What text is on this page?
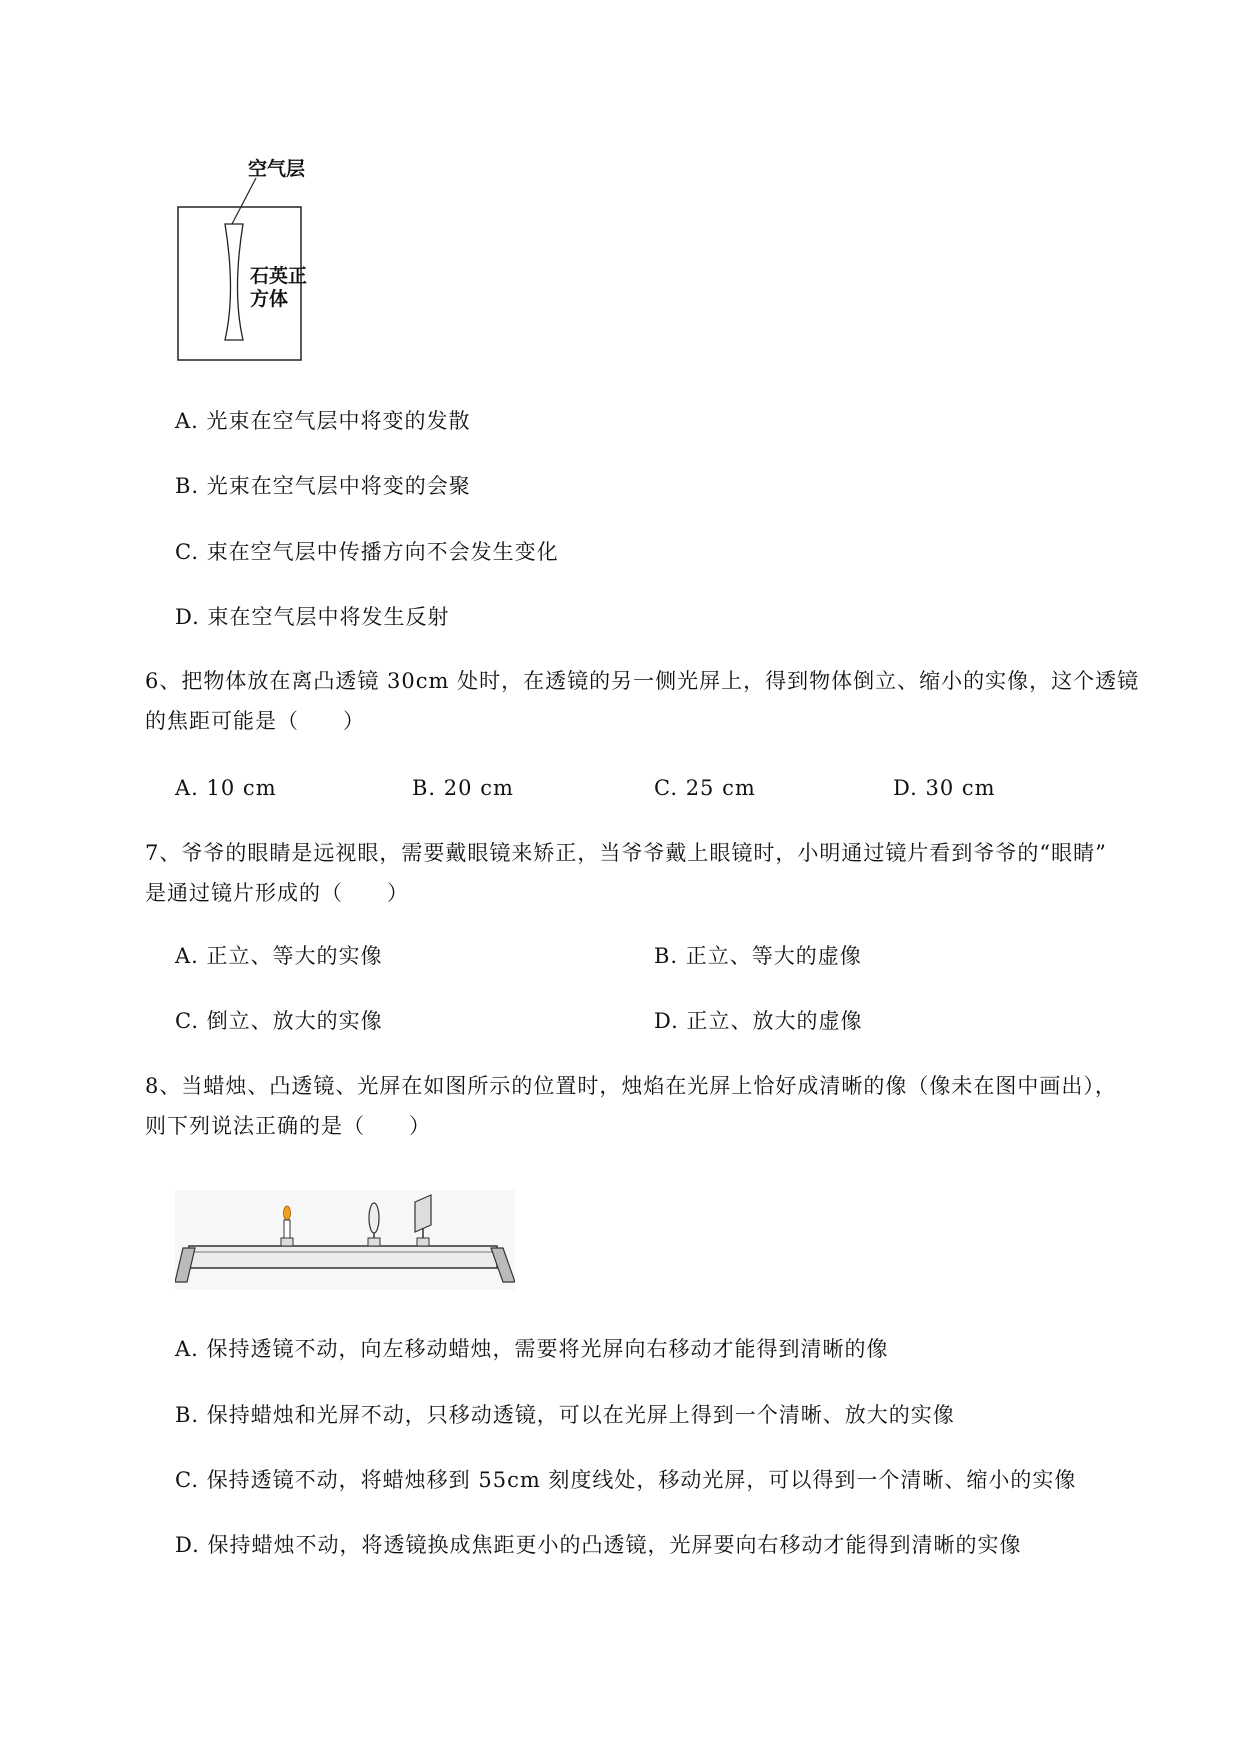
空气层
石英正
方体
A. 光束在空气层中将变的发散
B. 光束在空气层中将变的会聚
C. 束在空气层中传播方向不会发生变化
D. 束在空气层中将发生反射
6、把物体放在离凸透镜 30cm 处时，在透镜的另一侧光屏上，得到物体倒立、缩小的实像，这个透镜
的焦距可能是（　　）
A. 10 cm	B. 20 cm	C. 25 cm	D. 30 cm
7、爷爷的眼睛是远视眼，需要戴眼镜来矫正，当爷爷戴上眼镜时，小明通过镜片看到爷爷的“眼睛”
是通过镜片形成的（　　）
A. 正立、等大的实像	B. 正立、等大的虚像
C. 倒立、放大的实像	D. 正立、放大的虚像
8、当蜡烛、凸透镜、光屏在如图所示的位置时，烛焰在光屏上恰好成清晰的像（像未在图中画出），
则下列说法正确的是（　　）
A. 保持透镜不动，向左移动蜡烛，需要将光屏向右移动才能得到清晰的像
B. 保持蜡烛和光屏不动，只移动透镜，可以在光屏上得到一个清晰、放大的实像
C. 保持透镜不动，将蜡烛移到 55cm 刻度线处，移动光屏，可以得到一个清晰、缩小的实像
D. 保持蜡烛不动，将透镜换成焦距更小的凸透镜，光屏要向右移动才能得到清晰的实像
